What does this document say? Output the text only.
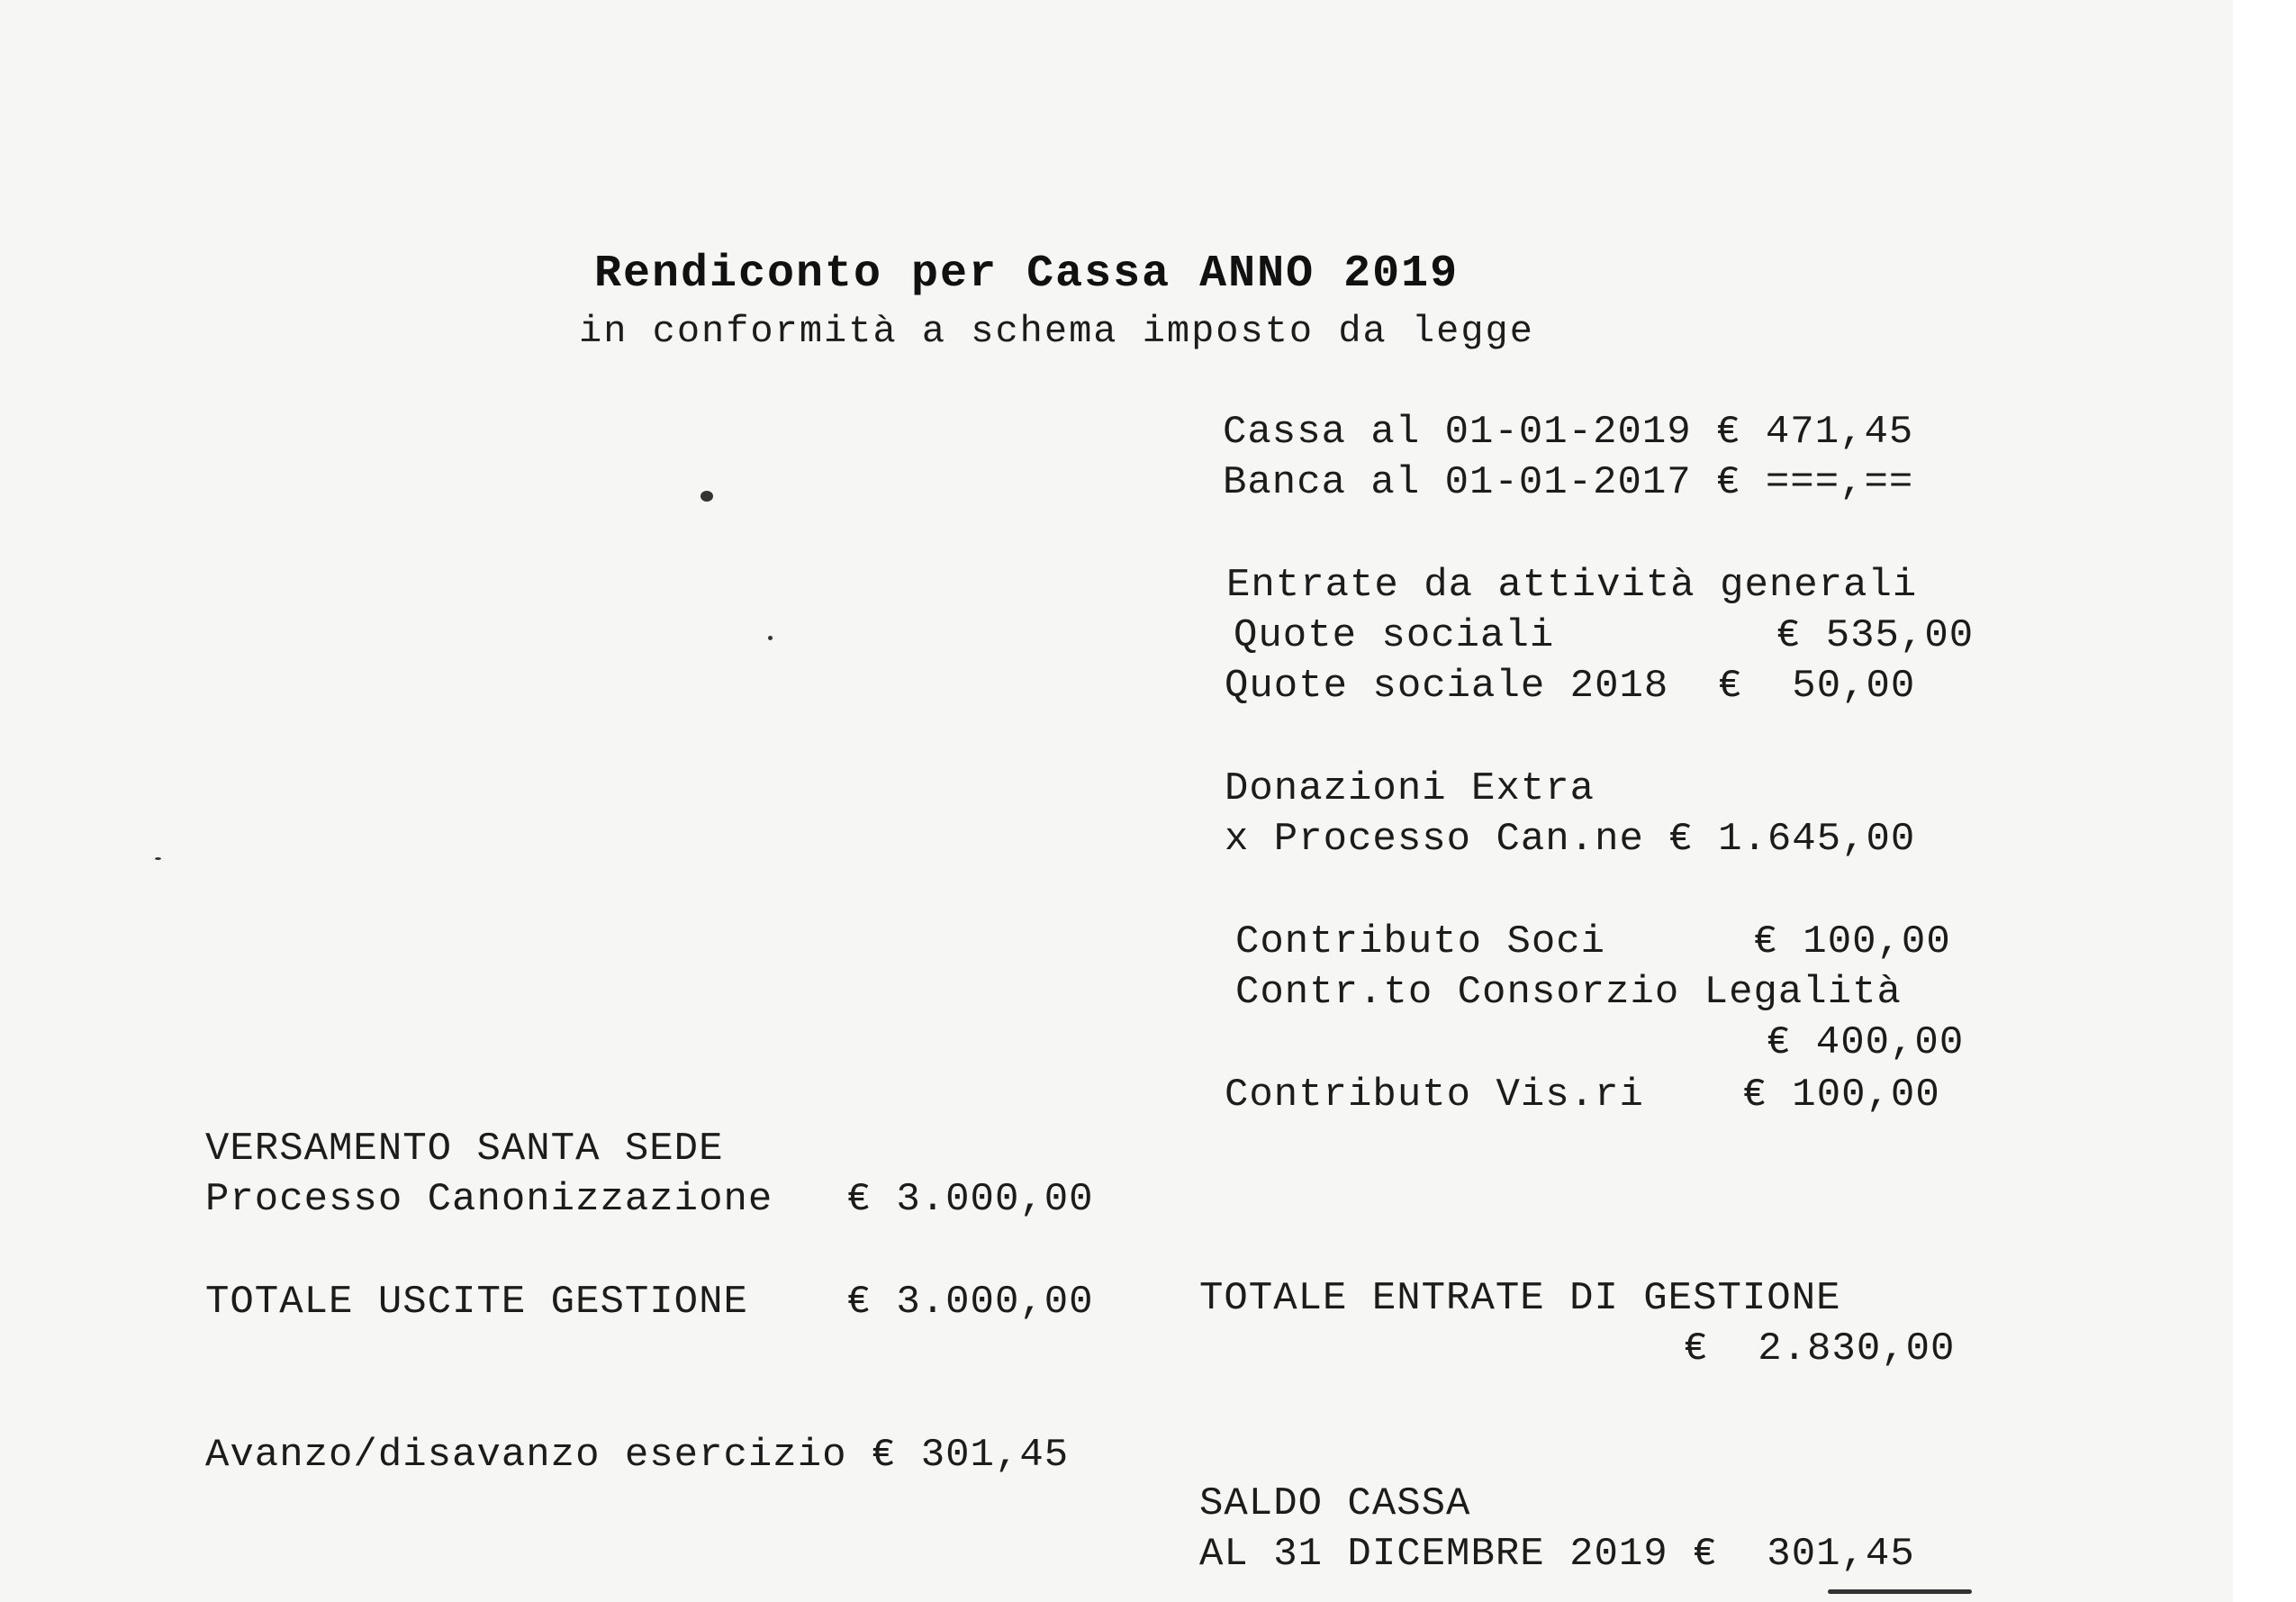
Rendiconto per Cassa ANNO 2019
in conformità a schema imposto da legge
Cassa al 01-01-2019 € 471,45
Banca al 01-01-2017 € ===,==
Entrate da attività generali
Quote sociali         € 535,00
Quote sociale 2018  €  50,00
Donazioni Extra
x Processo Can.ne € 1.645,00
Contributo Soci      € 100,00
Contr.to Consorzio Legalità
€ 400,00
Contributo Vis.ri    € 100,00
VERSAMENTO SANTA SEDE
Processo Canonizzazione   € 3.000,00
TOTALE USCITE GESTIONE    € 3.000,00	TOTALE ENTRATE DI GESTIONE
€  2.830,00
Avanzo/disavanzo esercizio € 301,45
SALDO CASSA
AL 31 DICEMBRE 2019 €  301,45
